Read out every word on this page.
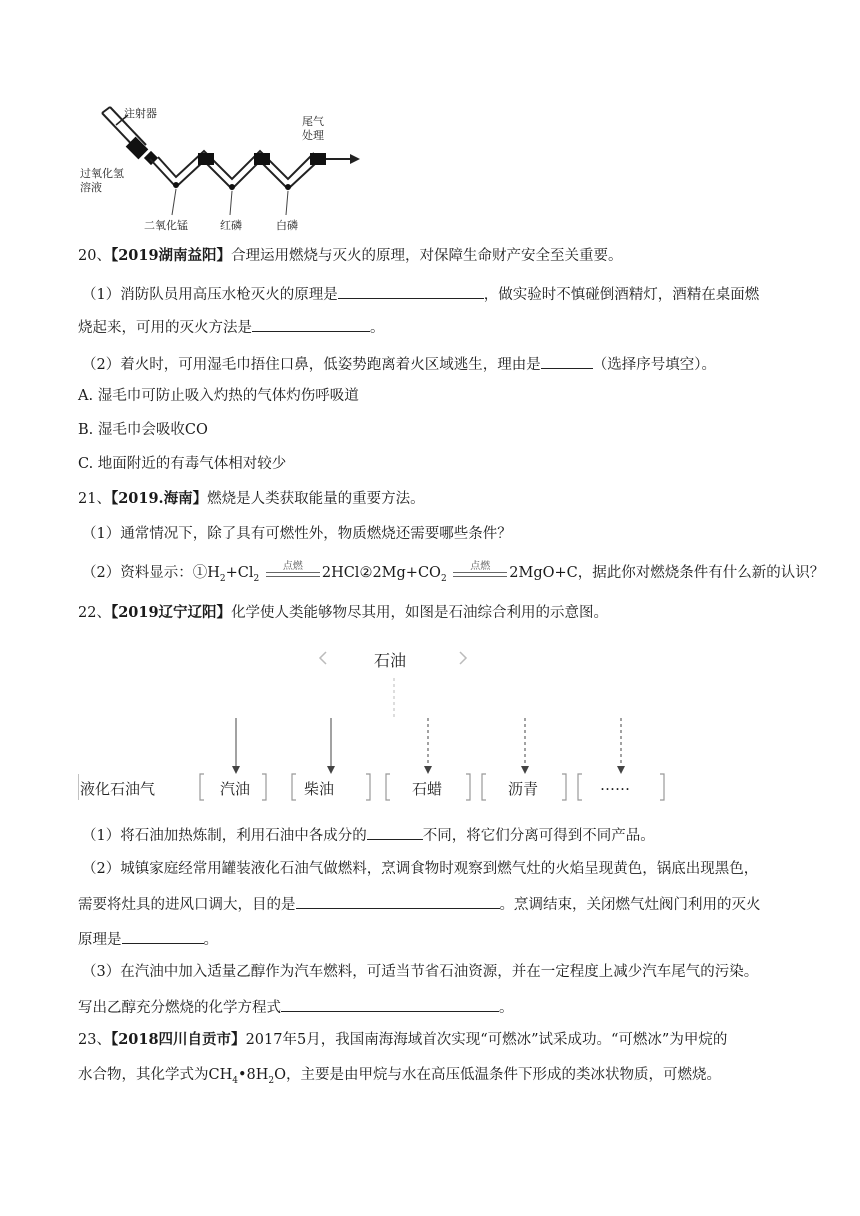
注射器
尾气
处理
过氧化氢
溶液
二氧化锰	红磷	白磷
20、【2019湖南益阳】合理运用燃烧与灭火的原理，对保障生命财产安全至关重要。
（1）消防队员用高压水枪灭火的原理是	，做实验时不慎碰倒酒精灯，酒精在桌面燃
烧起来，可用的灭火方法是	。
（2）着火时，可用湿毛巾捂住口鼻，低姿势跑离着火区域逃生，理由是	（选择序号填空）。
A. 湿毛巾可防止吸入灼热的气体灼伤呼吸道
B. 湿毛巾会吸收CO
C. 地面附近的有毒气体相对较少
21、【2019.海南】燃烧是人类获取能量的重要方法。
（1）通常情况下，除了具有可燃性外，物质燃烧还需要哪些条件？
（2）资料显示：$①H_2+Cl_2$
点燃	$2HCl②2Mg+CO_2$
点燃	2MgO+C，据此你对燃烧条件有什么新的认识？
22、【2019辽宁辽阳】化学使人类能够物尽其用，如图是石油综合利用的示意图。
石油
液化石油气	汽油	柴油	石蜡	沥青	……
（1）将石油加热炼制，利用石油中各成分的	不同，将它们分离可得到不同产品。
（2）城镇家庭经常用罐装液化石油气做燃料，烹调食物时观察到燃气灶的火焰呈现黄色，锅底出现黑色，
需要将灶具的进风口调大，目的是	。烹调结束，关闭燃气灶阀门利用的灭火
原理是	。
（3）在汽油中加入适量乙醇作为汽车燃料，可适当节省石油资源，并在一定程度上减少汽车尾气的污染。
写出乙醇充分燃烧的化学方程式	。
23、【2018四川自贡市】2017年5月，我国南海海域首次实现“可燃冰”试采成功。“可燃冰”为甲烷的
水合物，其化学式为$CH_4•8H_2O$，主要是由甲烷与水在高压低温条件下形成的类冰状物质，可燃烧。
